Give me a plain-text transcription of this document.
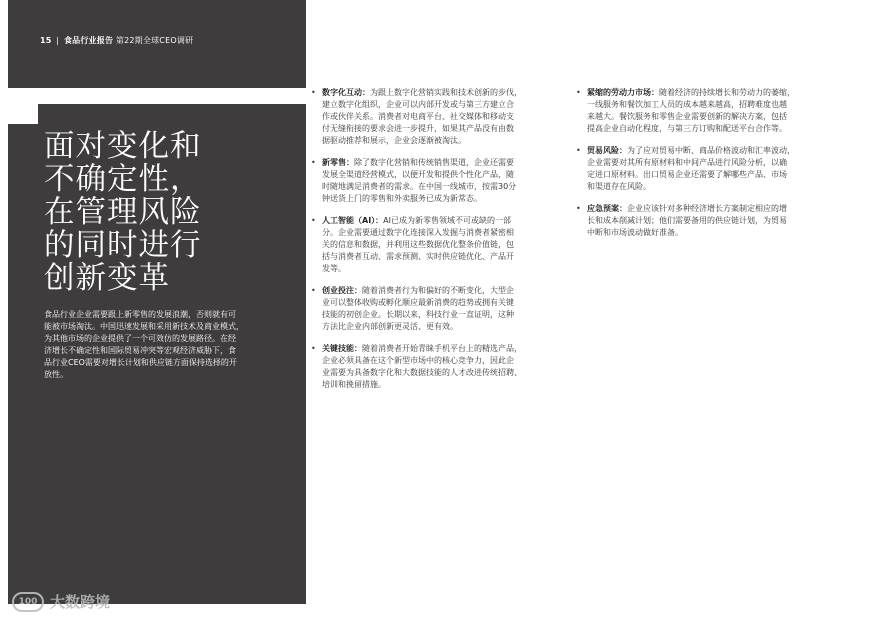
15 | 食品行业报告 第22期全球CEO调研
面对变化和
不确定性，
在管理风险
的同时进行
创新变革
食品行业企业需要跟上新零售的发展浪潮，否则就有可
能被市场淘汰。中国迅速发展和采用新技术及商业模式，
为其他市场的企业提供了一个可效仿的发展路径。在经
济增长不确定性和国际贸易冲突等宏观经济威胁下，食
品行业CEO需要对增长计划和供应链方面保持选择的开
放性。
• 数字化互动：为跟上数字化营销实践和技术创新的步伐，
建立数字化组织，企业可以内部开发或与第三方建立合
作或伙伴关系。消费者对电商平台、社交媒体和移动支
付无缝衔接的要求会进一步提升，如果其产品没有由数
据驱动推荐和展示，企业会逐渐被淘汰。
• 新零售：除了数字化营销和传统销售渠道，企业还需要
发展全渠道经营模式，以便开发和提供个性化产品，随
时随地满足消费者的需求。在中国一线城市，按需30分
钟送货上门的零售和外卖服务已成为新常态。
• 人工智能（AI）：AI已成为新零售领域不可或缺的一部
分。企业需要通过数字化连接深入发掘与消费者紧密相
关的信息和数据，并利用这些数据优化整条价值链，包
括与消费者互动、需求预测、实时供应链优化、产品开
发等。
• 创业投注：随着消费者行为和偏好的不断变化，大型企
业可以整体收购或孵化顺应最新消费的趋势或拥有关键
技能的初创企业。长期以来，科技行业一直证明，这种
方法比企业内部创新更灵活、更有效。
• 关键技能：随着消费者开始青睐手机平台上的精选产品，
企业必须具备在这个新型市场中的核心竞争力，因此企
业需要为具备数字化和大数据技能的人才改进传统招聘、
培训和挽留措施。
• 紧缩的劳动力市场：随着经济的持续增长和劳动力的萎缩，
一线服务和餐饮加工人员的成本越来越高，招聘难度也越
来越大。餐饮服务和零售企业需要创新的解决方案，包括
提高企业自动化程度，与第三方订购和配送平台合作等。
• 贸易风险：为了应对贸易中断、商品价格波动和汇率波动，
企业需要对其所有原材料和中间产品进行风险分析，以确
定进口原材料。出口贸易企业还需要了解哪些产品、市场
和渠道存在风险。
• 应急预案：企业应该针对多种经济增长方案制定相应的增
长和成本削减计划；他们需要备用的供应链计划，为贸易
中断和市场波动做好准备。
100 大数跨境
